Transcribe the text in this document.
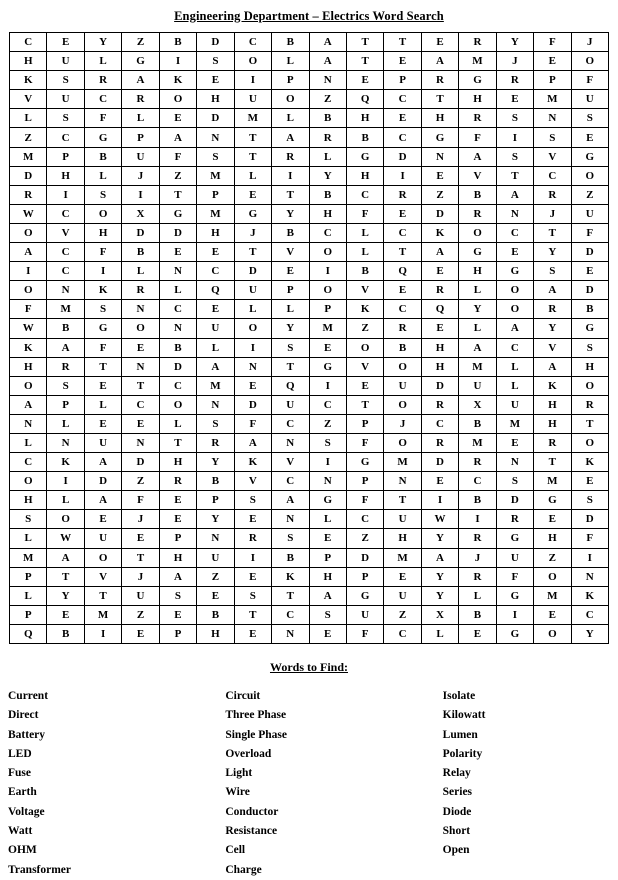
Engineering Department – Electrics Word Search
C	E	Y	Z	B	D	C	B	A	T	T	E	R	Y	F	J
H	U	L	G	I	S	O	L	A	T	E	A	M	J	E	O
K	S	R	A	K	E	I	P	N	E	P	R	G	R	P	F
V	U	C	R	O	H	U	O	Z	Q	C	T	H	E	M	U
L	S	F	L	E	D	M	L	B	H	E	H	R	S	N	S
Z	C	G	P	A	N	T	A	R	B	C	G	F	I	S	E
M	P	B	U	F	S	T	R	L	G	D	N	A	S	V	G
D	H	L	J	Z	M	L	I	Y	H	I	E	V	T	C	O
R	I	S	I	T	P	E	T	B	C	R	Z	B	A	R	Z
W	C	O	X	G	M	G	Y	H	F	E	D	R	N	J	U
O	V	H	D	D	H	J	B	C	L	C	K	O	C	T	F
A	C	F	B	E	E	T	V	O	L	T	A	G	E	Y	D
I	C	I	L	N	C	D	E	I	B	Q	E	H	G	S	E
O	N	K	R	L	Q	U	P	O	V	E	R	L	O	A	D
F	M	S	N	C	E	L	L	P	K	C	Q	Y	O	R	B
W	B	G	O	N	U	O	Y	M	Z	R	E	L	A	Y	G
K	A	F	E	B	L	I	S	E	O	B	H	A	C	V	S
H	R	T	N	D	A	N	T	G	V	O	H	M	L	A	H
O	S	E	T	C	M	E	Q	I	E	U	D	U	L	K	O
A	P	L	C	O	N	D	U	C	T	O	R	X	U	H	R
N	L	E	E	L	S	F	C	Z	P	J	C	B	M	H	T
L	N	U	N	T	R	A	N	S	F	O	R	M	E	R	O
C	K	A	D	H	Y	K	V	I	G	M	D	R	N	T	K
O	I	D	Z	R	B	V	C	N	P	N	E	C	S	M	E
H	L	A	F	E	P	S	A	G	F	T	I	B	D	G	S
S	O	E	J	E	Y	E	N	L	C	U	W	I	R	E	D
L	W	U	E	P	N	R	S	E	Z	H	Y	R	G	H	F
M	A	O	T	H	U	I	B	P	D	M	A	J	U	Z	I
P	T	V	J	A	Z	E	K	H	P	E	Y	R	F	O	N
L	Y	T	U	S	E	S	T	A	G	U	Y	L	G	M	K
P	E	M	Z	E	B	T	C	S	U	Z	X	B	I	E	C
Q	B	I	E	P	H	E	N	E	F	C	L	E	G	O	Y
Words to Find:
Current
Direct
Battery
LED
Fuse
Earth
Voltage
Watt
OHM
Transformer
Circuit
Three Phase
Single Phase
Overload
Light
Wire
Conductor
Resistance
Cell
Charge
Isolate
Kilowatt
Lumen
Polarity
Relay
Series
Diode
Short
Open
